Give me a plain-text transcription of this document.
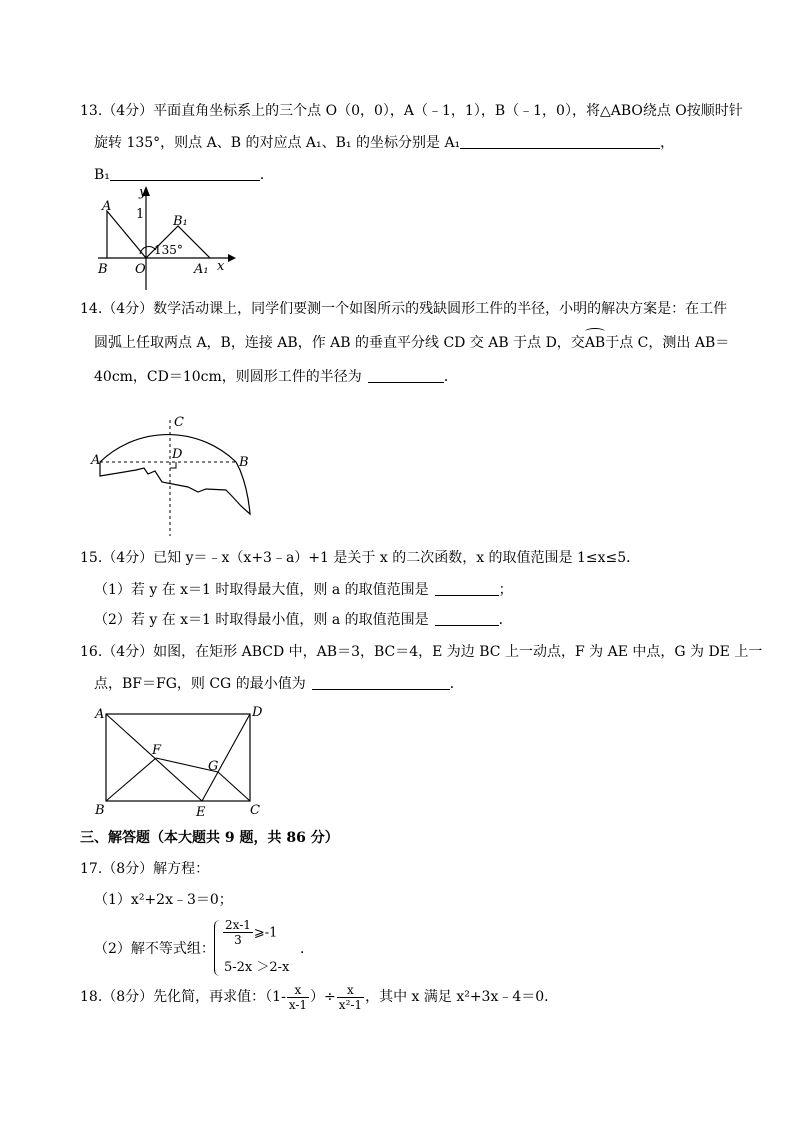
13.（4分）平面直角坐标系上的三个点 O（0，0），A（﹣1，1），B（﹣1，0），将△ABO绕点 O按顺时针
旋转 135°，则点 A、B 的对应点 A₁、B₁ 的坐标分别是 A₁	，
B₁	．
A
B O
B₁
A₁ x
y
1
135°
14.（4分）数学活动课上，同学们要测一个如图所示的残缺圆形工件的半径，小明的解决方案是：在工件
圆弧上任取两点 A，B，连接 AB，作 AB 的垂直平分线 CD 交 AB 于点 D，交AB于点 C，测出 AB＝
40cm，CD＝10cm，则圆形工件的半径为	．
A	B
C
D
15.（4分）已知 y＝﹣x（x+3﹣a）+1 是关于 x 的二次函数，x 的取值范围是 1≤x≤5．
（1）若 y 在 x＝1 时取得最大值，则 a 的取值范围是	；
（2）若 y 在 x＝1 时取得最小值，则 a 的取值范围是	．
16.（4分）如图，在矩形 ABCD 中，AB＝3，BC＝4，E 为边 BC 上一动点，F 为 AE 中点，G 为 DE 上一
点，BF＝FG，则 CG 的最小值为	．
A	D
B	C
E
F
G
三、解答题（本大题共 9 题，共 86 分）
17.（8分）解方程：
（1）x²+2x﹣3＝0；
（2）解不等式组：
$\frac{2x-1}{3}$ ⩾-1
5-2x ＞2-x
．
18.（8分）先化简，再求值：（$1- \frac{x}{x-1}$ ）÷ $\frac{x}{\text{x²-1}}$ ，其中 x 满足 x²+3x﹣4＝0．
